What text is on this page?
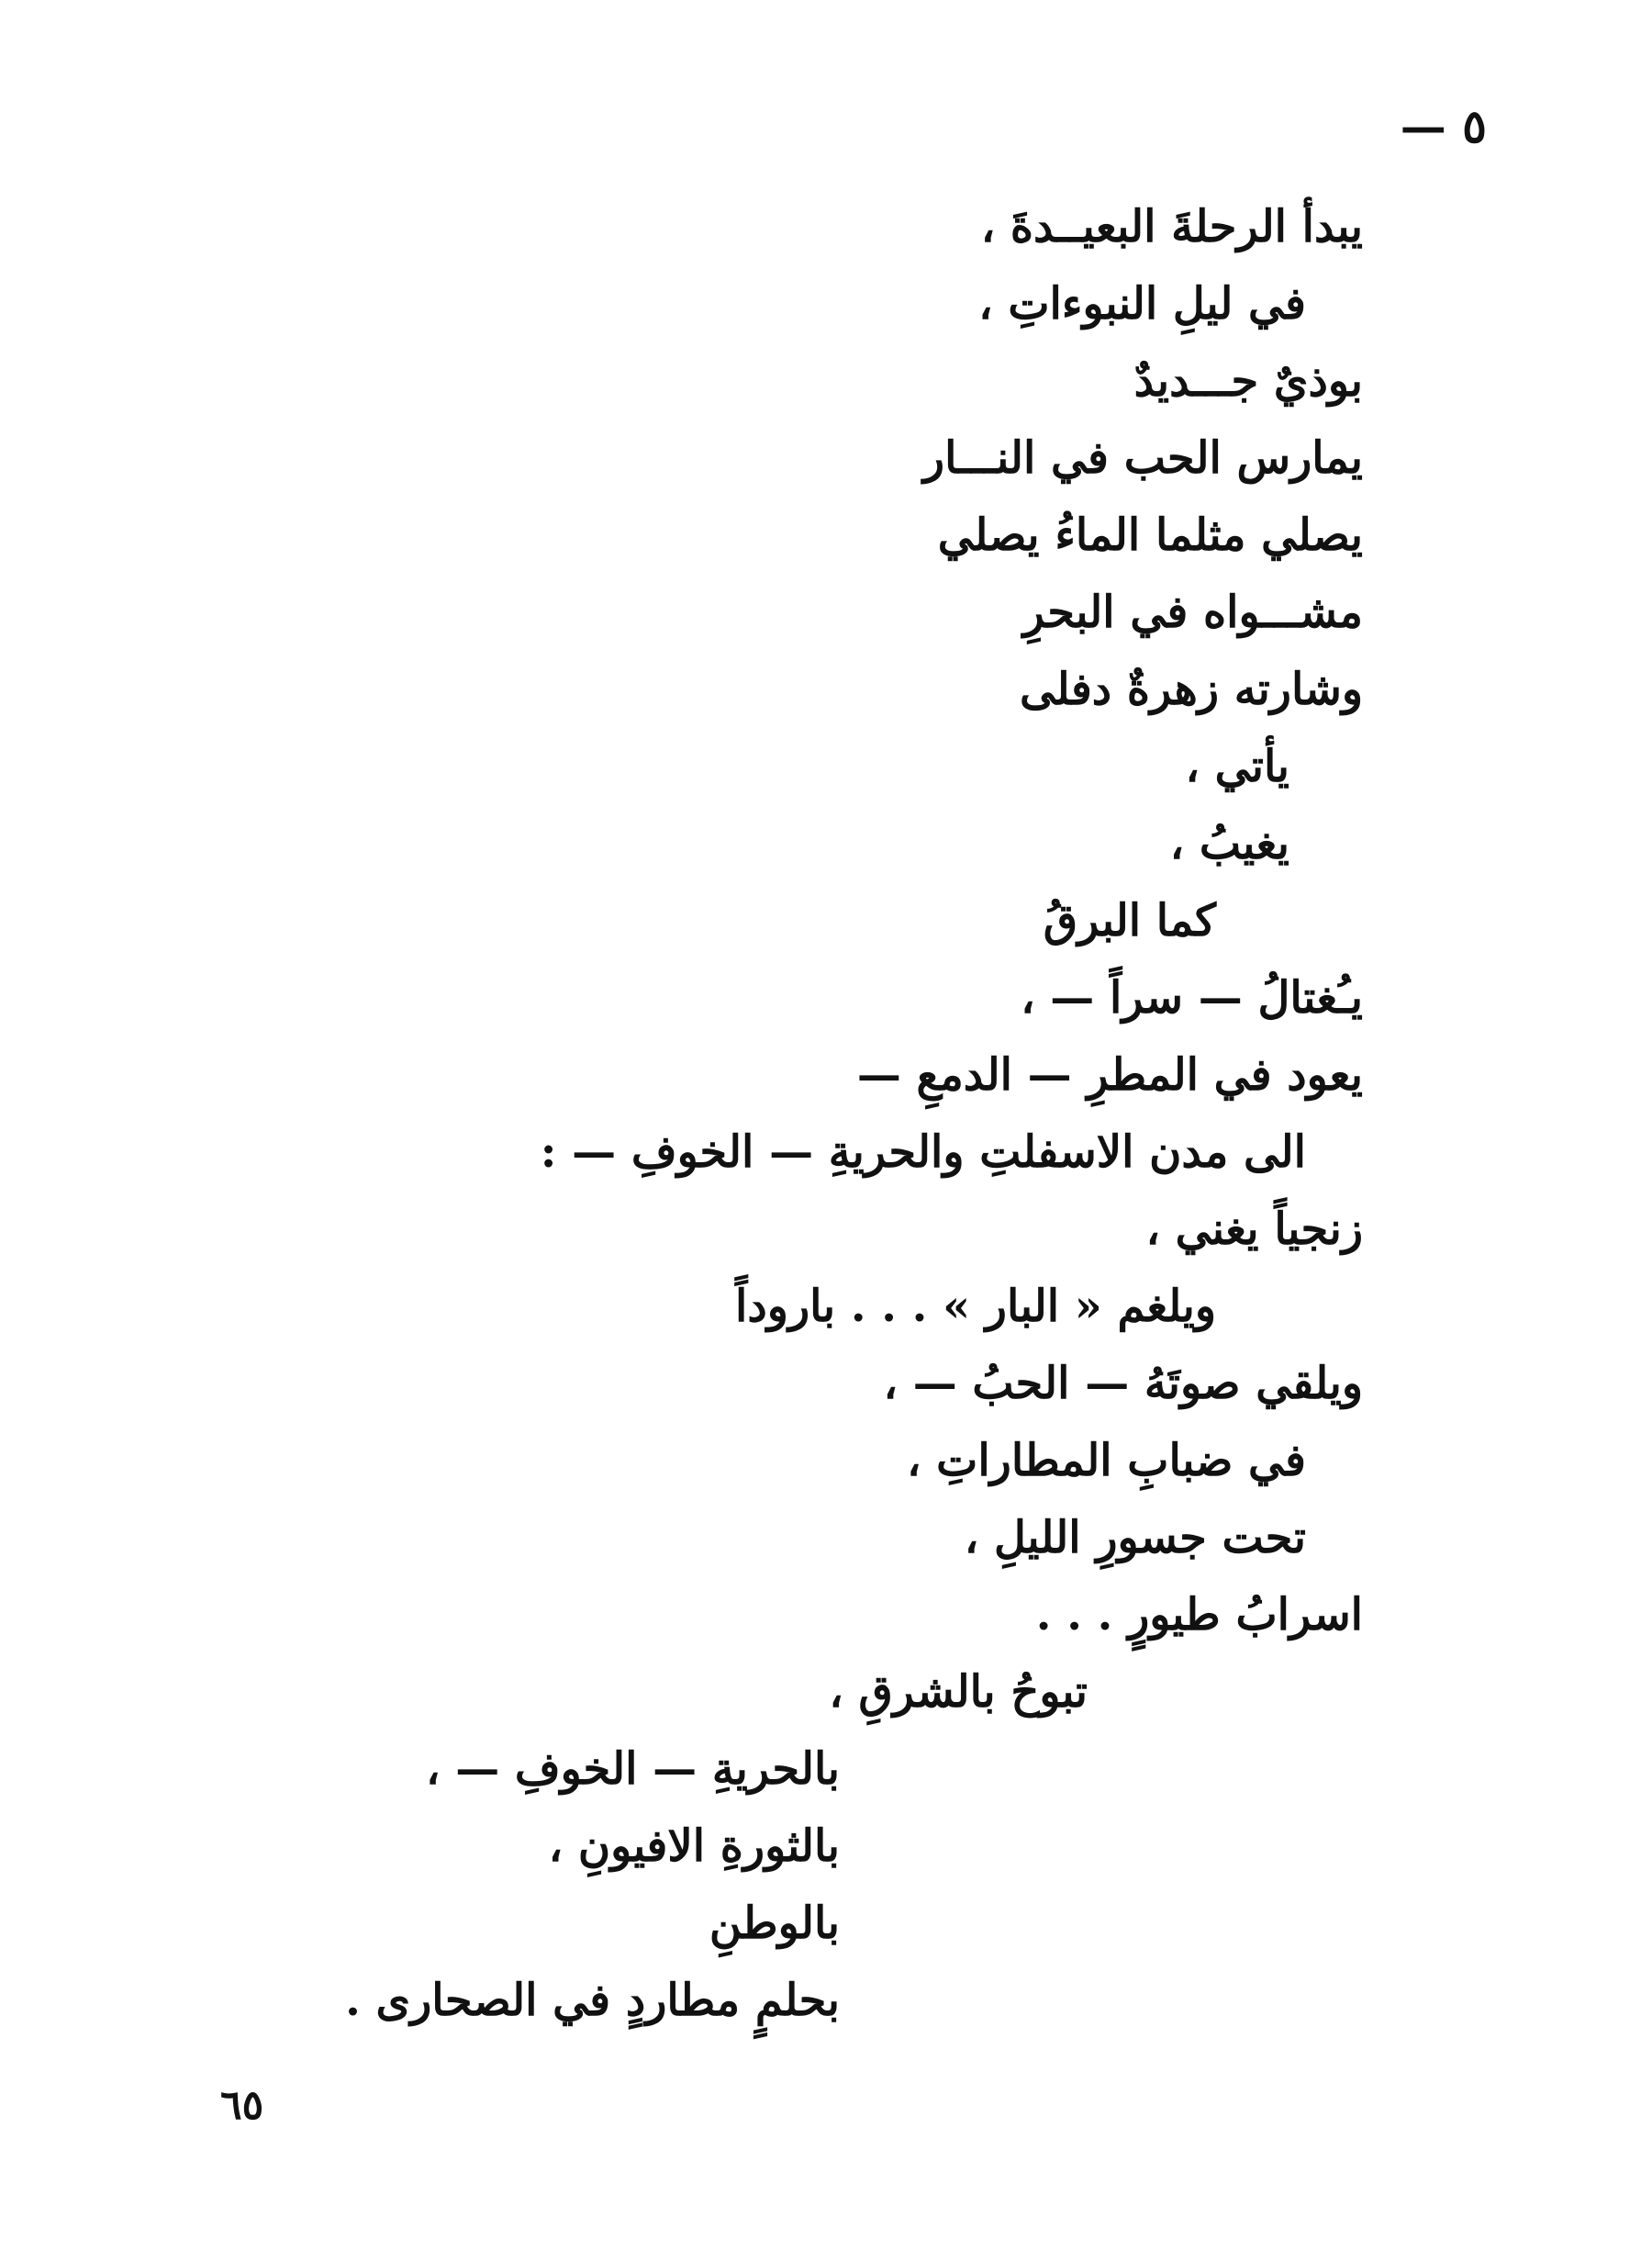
٥ —
يبدأ الرحلةَ البعيــدةَ ،
في ليلِ النبوءاتِ ،
بوذيٌ جـــديدٌ
يمارس الحب في النـــار
يصلي مثلما الماءُ يصلي
مشـــواه في البحرِ
وشارته زهرةٌ دفلى
يأتي ،
يغيبُ ،
كما البرقُ
يـُغتالُ — سراً — ،
يعود في المطرِ — الدمعِ —
الى مدن الاسفلتِ والحريةِ — الخوفِ — :
زنجياً يغني ،
ويلغم « البار » . . . باروداً
ويلقي صوتَهُ — الحبُ — ،
في ضبابِ المطاراتِ ،
تحت جسورِ الليلِ ،
اسرابُ طيورٍ . . .
تبوحُ بالشرقِ ،
بالحريةِ — الخوفِ — ،
بالثورةِ الافيونِ ،
بالوطنِ
بحلمٍ مطاردٍ في الصحارى .
٦٥
